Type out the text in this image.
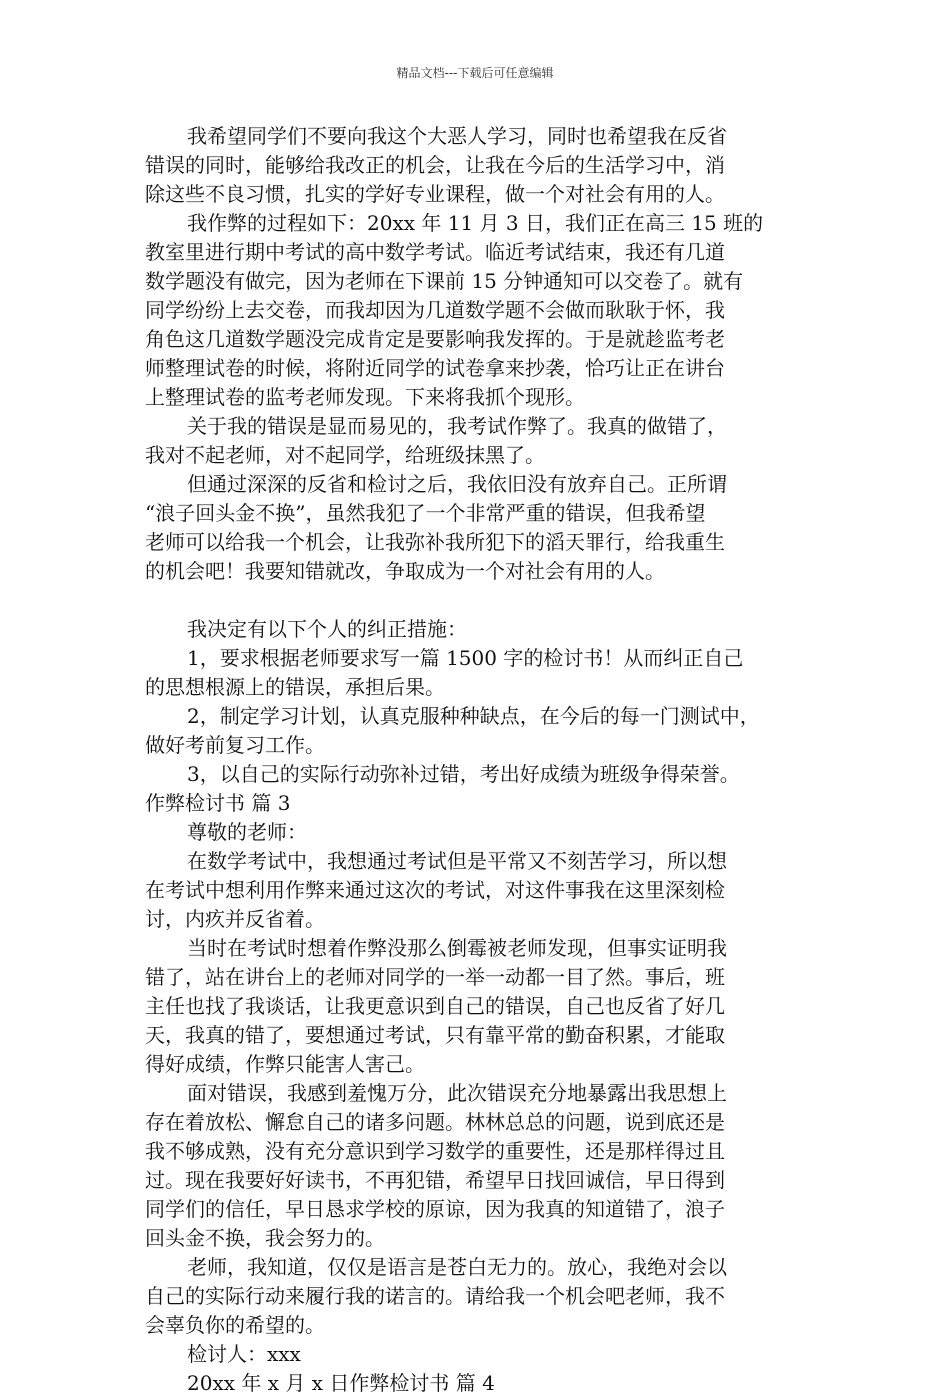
精品文档---下载后可任意编辑
我希望同学们不要向我这个大恶人学习，同时也希望我在反省
错误的同时，能够给我改正的机会，让我在今后的生活学习中，消
除这些不良习惯，扎实的学好专业课程，做一个对社会有用的人。
我作弊的过程如下：20xx 年 11 月 3 日，我们正在高三 15 班的
教室里进行期中考试的高中数学考试。临近考试结束，我还有几道
数学题没有做完，因为老师在下课前 15 分钟通知可以交卷了。就有
同学纷纷上去交卷，而我却因为几道数学题不会做而耿耿于怀，我
角色这几道数学题没完成肯定是要影响我发挥的。于是就趁监考老
师整理试卷的时候，将附近同学的试卷拿来抄袭，恰巧让正在讲台
上整理试卷的监考老师发现。下来将我抓个现形。
关于我的错误是显而易见的，我考试作弊了。我真的做错了，
我对不起老师，对不起同学，给班级抹黑了。
但通过深深的反省和检讨之后，我依旧没有放弃自己。正所谓
“浪子回头金不换”，虽然我犯了一个非常严重的错误，但我希望
老师可以给我一个机会，让我弥补我所犯下的滔天罪行，给我重生
的机会吧！我要知错就改，争取成为一个对社会有用的人。
我决定有以下个人的纠正措施：
1，要求根据老师要求写一篇 1500 字的检讨书！从而纠正自己
的思想根源上的错误，承担后果。
2，制定学习计划，认真克服种种缺点，在今后的每一门测试中，
做好考前复习工作。
3，以自己的实际行动弥补过错，考出好成绩为班级争得荣誉。
作弊检讨书 篇 3
尊敬的老师：
在数学考试中，我想通过考试但是平常又不刻苦学习，所以想
在考试中想利用作弊来通过这次的考试，对这件事我在这里深刻检
讨，内疚并反省着。
当时在考试时想着作弊没那么倒霉被老师发现，但事实证明我
错了，站在讲台上的老师对同学的一举一动都一目了然。事后，班
主任也找了我谈话，让我更意识到自己的错误，自己也反省了好几
天，我真的错了，要想通过考试，只有靠平常的勤奋积累，才能取
得好成绩，作弊只能害人害己。
面对错误，我感到羞愧万分，此次错误充分地暴露出我思想上
存在着放松、懈怠自己的诸多问题。林林总总的问题，说到底还是
我不够成熟，没有充分意识到学习数学的重要性，还是那样得过且
过。现在我要好好读书，不再犯错，希望早日找回诚信，早日得到
同学们的信任，早日恳求学校的原谅，因为我真的知道错了，浪子
回头金不换，我会努力的。
老师，我知道，仅仅是语言是苍白无力的。放心，我绝对会以
自己的实际行动来履行我的诺言的。请给我一个机会吧老师，我不
会辜负你的希望的。
检讨人：xxx
20xx 年 x 月 x 日作弊检讨书 篇 4
